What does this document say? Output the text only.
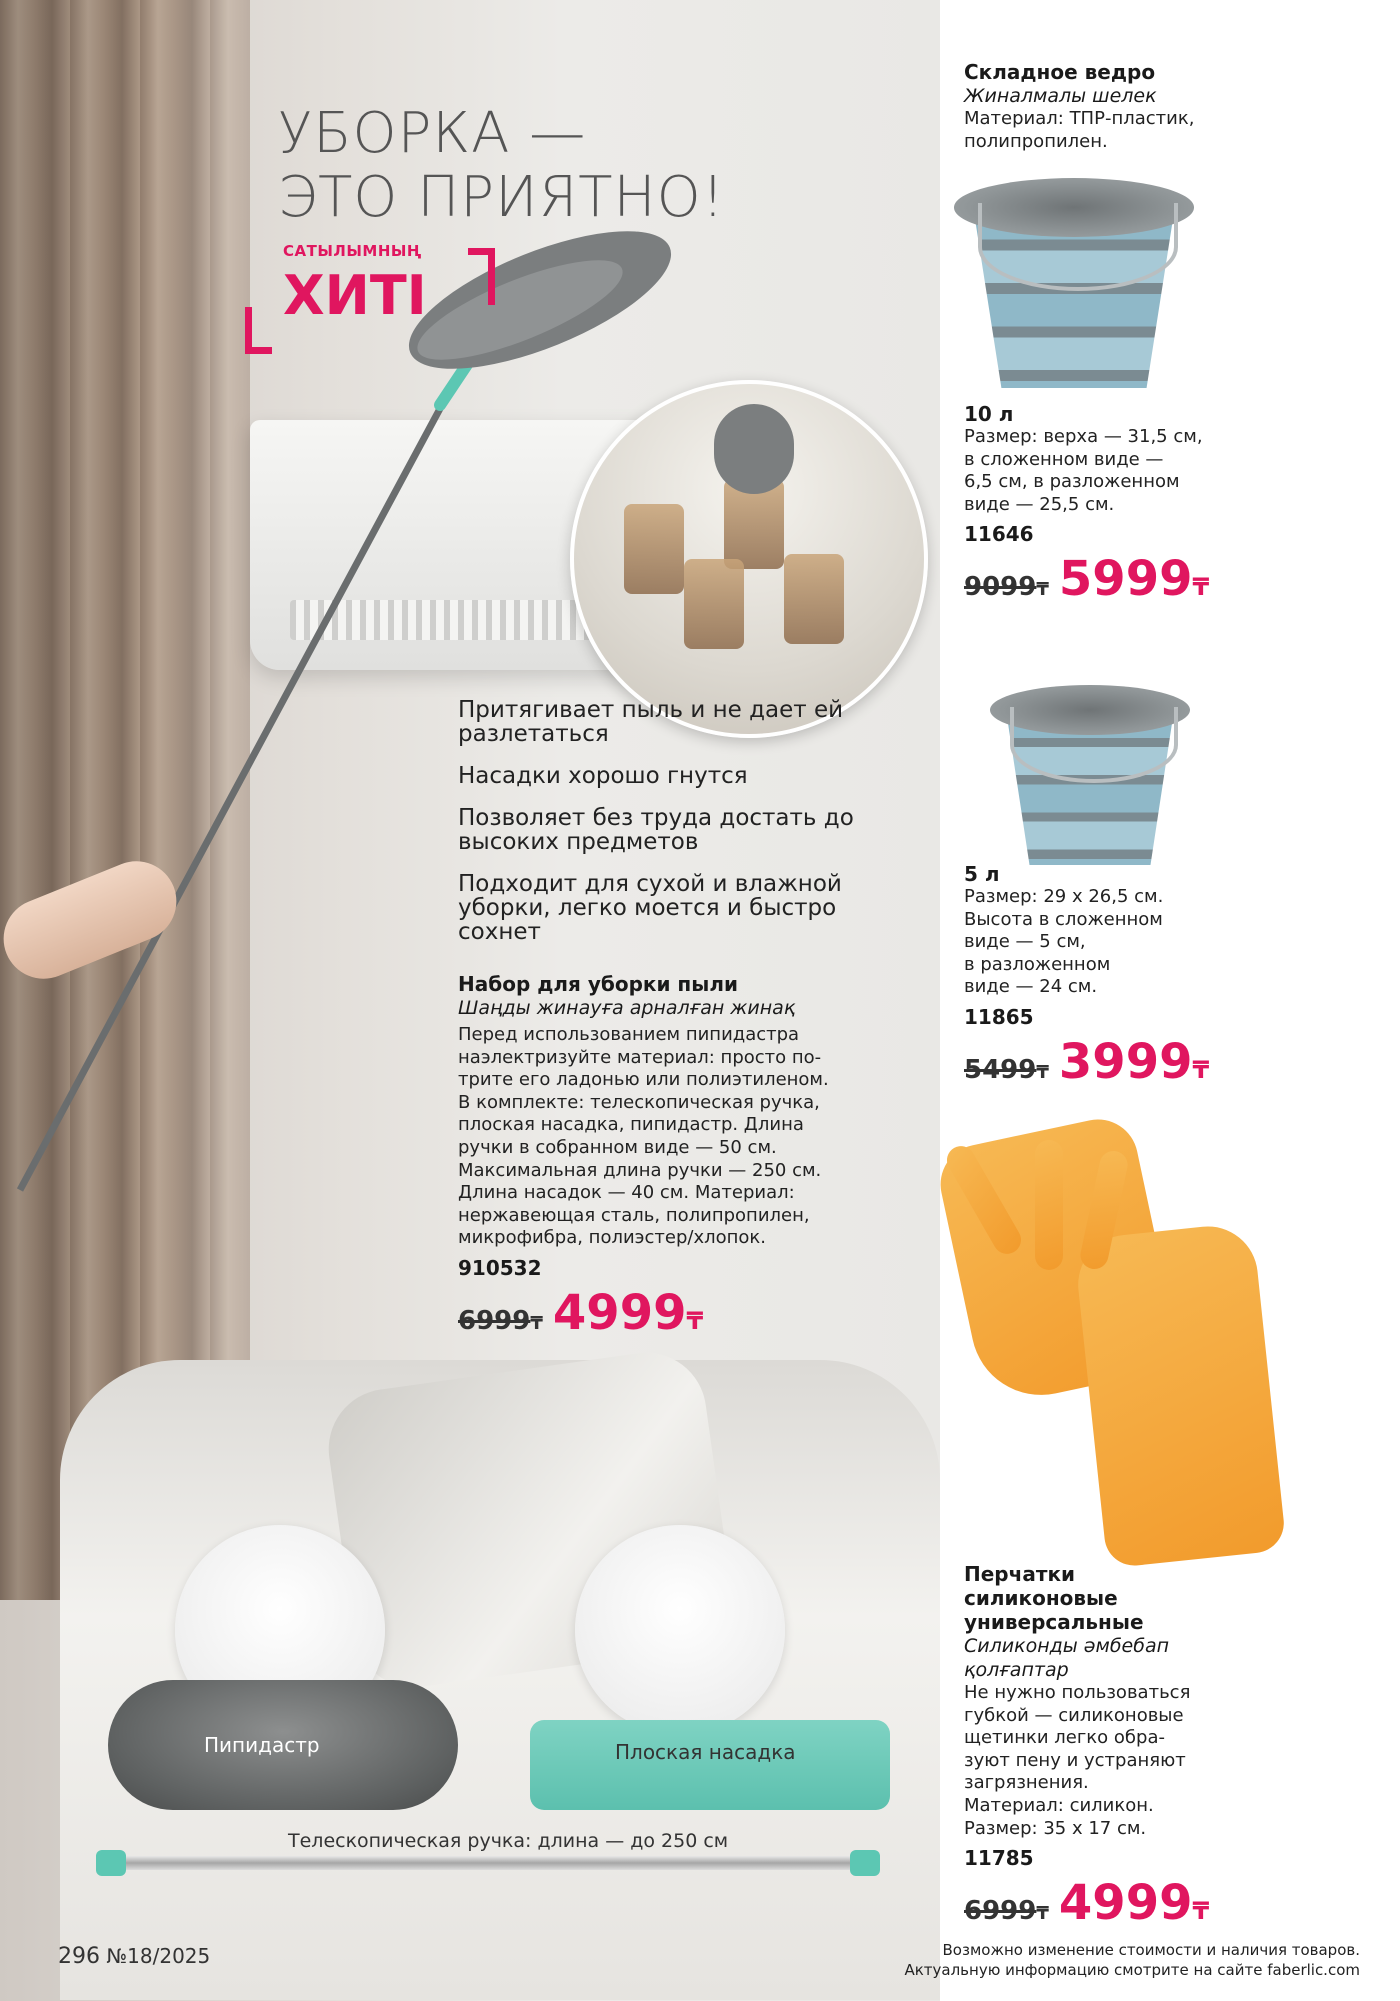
Пипидастр	Плоская насадка
Телескопическая ручка: длина — до 250 см
УБОРКА —
ЭТО ПРИЯТНО!
САТЫЛЫМНЫҢ
ХИТІ

Притягивает пыль и не дает ей разлетаться

Насадки хорошо гнутся

Позволяет без труда достать до высоких предметов

Подходит для сухой и влажной уборки, легко моется и быстро сохнет

Набор для уборки пыли

Шаңды жинауға арналған жинақ

Перед использованием пипидастра

наэлектризуйте материал: просто по-

трите его ладонью или полиэтиленом.

В комплекте: телескопическая ручка,

плоская насадка, пипидастр. Длина

ручки в собранном виде — 50 см.

Максимальная длина ручки — 250 см.

Длина насадок — 40 см. Материал:

нержавеющая сталь, полипропилен,

микрофибра, полиэстер/хлопок.

910532

6999 ₸ 4999 ₸

Складное ведро

Жиналмалы шелек

Материал: ТПР-пластик,

полипропилен.

10 л

Размер: верха — 31,5 см,

в сложенном виде —

6,5 см, в разложенном

виде — 25,5 см.

11646

9099 ₸ 5999 ₸

5 л

Размер: 29 х 26,5 см.

Высота в сложенном

виде — 5 см,

в разложенном

виде — 24 см.

11865

5499 ₸ 3999 ₸

Перчатки

силиконовые

универсальные

Силиконды әмбебап

қолғаптар

Не нужно пользоваться

губкой — силиконовые

щетинки легко обра-

зуют пену и устраняют

загрязнения.

Материал: силикон.

Размер: 35 х 17 см.

11785

6999 ₸ 4999 ₸
296 №18/2025	Возможно изменение стоимости и наличия товаров.
Актуальную информацию смотрите на сайте faberlic.com
